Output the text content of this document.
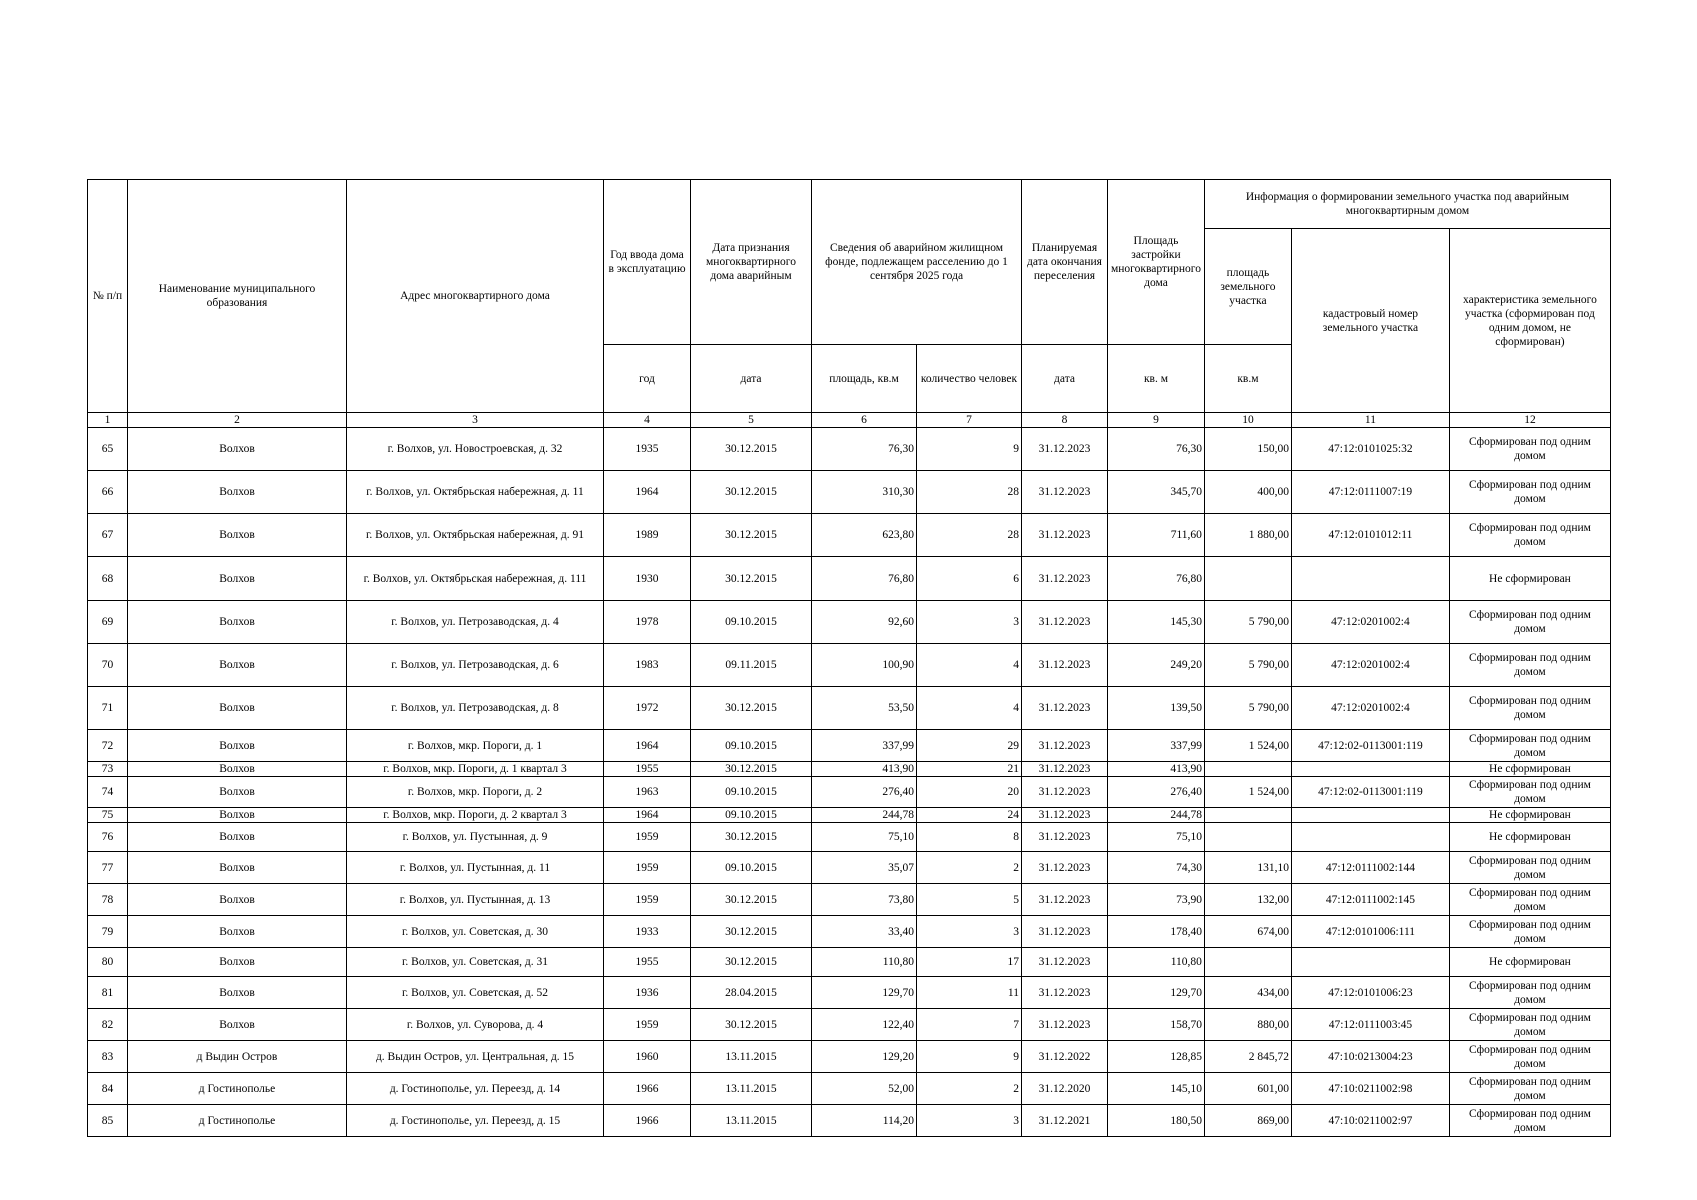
№ п/п	Наименование муниципального образования	Адрес многоквартирного дома	Год ввода дома в эксплуатацию	Дата признания многоквартирного дома аварийным	Сведения об аварийном жилищном фонде, подлежащем расселению до 1 сентября 2025 года		Планируемая дата окончания переселения	Площадь застройки многоквартирного дома	Информация о формировании земельного участка под аварийным многоквартирным домом		
									площадь земельного участка	кадастровый номер земельного участка	характеристика земельного участка (сформирован под одним домом, не сформирован)
			год	дата	площадь, кв.м	количество человек	дата	кв. м	кв.м		
1	2	3	4	5	6	7	8	9	10	11	12
65	Волхов	г. Волхов, ул. Новостроевская, д. 32	1935	30.12.2015	76,30	9	31.12.2023	76,30	150,00	47:12:0101025:32	Сформирован под одним домом
66	Волхов	г. Волхов, ул. Октябрьская набережная, д. 11	1964	30.12.2015	310,30	28	31.12.2023	345,70	400,00	47:12:0111007:19	Сформирован под одним домом
67	Волхов	г. Волхов, ул. Октябрьская набережная, д. 91	1989	30.12.2015	623,80	28	31.12.2023	711,60	1 880,00	47:12:0101012:11	Сформирован под одним домом
68	Волхов	г. Волхов, ул. Октябрьская набережная, д. 111	1930	30.12.2015	76,80	6	31.12.2023	76,80			Не сформирован
69	Волхов	г. Волхов, ул. Петрозаводская, д. 4	1978	09.10.2015	92,60	3	31.12.2023	145,30	5 790,00	47:12:0201002:4	Сформирован под одним домом
70	Волхов	г. Волхов, ул. Петрозаводская, д. 6	1983	09.11.2015	100,90	4	31.12.2023	249,20	5 790,00	47:12:0201002:4	Сформирован под одним домом
71	Волхов	г. Волхов, ул. Петрозаводская, д. 8	1972	30.12.2015	53,50	4	31.12.2023	139,50	5 790,00	47:12:0201002:4	Сформирован под одним домом
72	Волхов	г. Волхов, мкр. Пороги, д. 1	1964	09.10.2015	337,99	29	31.12.2023	337,99	1 524,00	47:12:02-0113001:119	Сформирован под одним домом
73	Волхов	г. Волхов, мкр. Пороги, д. 1 квартал 3	1955	30.12.2015	413,90	21	31.12.2023	413,90			Не сформирован
74	Волхов	г. Волхов, мкр. Пороги, д. 2	1963	09.10.2015	276,40	20	31.12.2023	276,40	1 524,00	47:12:02-0113001:119	Сформирован под одним домом
75	Волхов	г. Волхов, мкр. Пороги, д. 2 квартал 3	1964	09.10.2015	244,78	24	31.12.2023	244,78			Не сформирован
76	Волхов	г. Волхов, ул. Пустынная, д. 9	1959	30.12.2015	75,10	8	31.12.2023	75,10			Не сформирован
77	Волхов	г. Волхов, ул. Пустынная, д. 11	1959	09.10.2015	35,07	2	31.12.2023	74,30	131,10	47:12:0111002:144	Сформирован под одним домом
78	Волхов	г. Волхов, ул. Пустынная, д. 13	1959	30.12.2015	73,80	5	31.12.2023	73,90	132,00	47:12:0111002:145	Сформирован под одним домом
79	Волхов	г. Волхов, ул. Советская, д. 30	1933	30.12.2015	33,40	3	31.12.2023	178,40	674,00	47:12:0101006:111	Сформирован под одним домом
80	Волхов	г. Волхов, ул. Советская, д. 31	1955	30.12.2015	110,80	17	31.12.2023	110,80			Не сформирован
81	Волхов	г. Волхов, ул. Советская, д. 52	1936	28.04.2015	129,70	11	31.12.2023	129,70	434,00	47:12:0101006:23	Сформирован под одним домом
82	Волхов	г. Волхов, ул. Суворова, д. 4	1959	30.12.2015	122,40	7	31.12.2023	158,70	880,00	47:12:0111003:45	Сформирован под одним домом
83	д Выдин Остров	д. Выдин Остров, ул. Центральная, д. 15	1960	13.11.2015	129,20	9	31.12.2022	128,85	2 845,72	47:10:0213004:23	Сформирован под одним домом
84	д Гостинополье	д. Гостинополье, ул. Переезд, д. 14	1966	13.11.2015	52,00	2	31.12.2020	145,10	601,00	47:10:0211002:98	Сформирован под одним домом
85	д Гостинополье	д. Гостинополье, ул. Переезд, д. 15	1966	13.11.2015	114,20	3	31.12.2021	180,50	869,00	47:10:0211002:97	Сформирован под одним домом
